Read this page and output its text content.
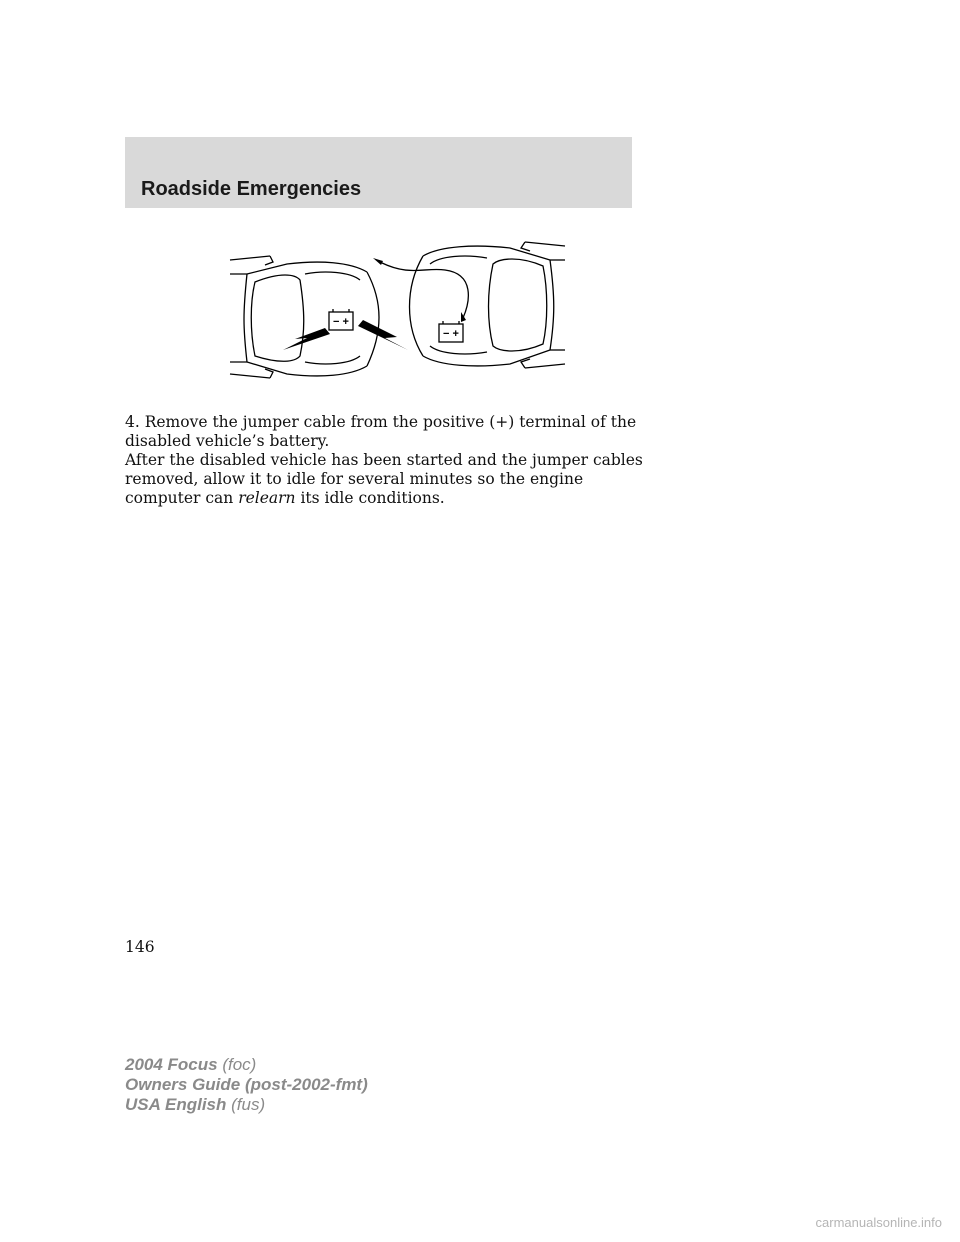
Roadside Emergencies
− +
− +

4. Remove the jumper cable from the positive (+) terminal of the disabled vehicle’s battery.

After the disabled vehicle has been started and the jumper cables removed, allow it to idle for several minutes so the engine computer can relearn its idle conditions.

146
2004 Focus (foc)
Owners Guide (post-2002-fmt)
USA English (fus)
carmanualsonline.info
